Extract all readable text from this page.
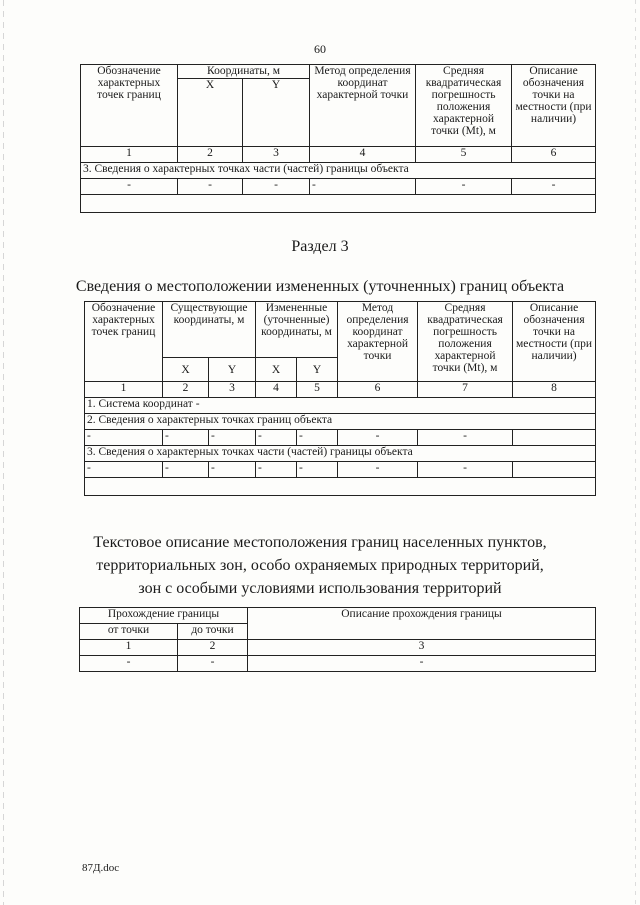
60
Обозначение характерных точек границ	Координаты, м		Метод определения координат характерной точки	Средняя квадратическая погрешность положения характерной точки (Mt), м	Описание обозначения точки на местности (при наличии)
	X	Y			
1	2	3	4	5	6
3. Сведения о характерных точках части (частей) границы объекта					
-	-	-	-	-	-

Раздел 3
Сведения о местоположении измененных (уточненных) границ объекта
Обозначение характерных точек границ	Существующие координаты, м		Измененные (уточненные) координаты, м		Метод определения координат характерной точки	Средняя квадратическая погрешность положения характерной точки (Mt), м	Описание обозначения точки на местности (при наличии)
	X	Y	X	Y			
1	2	3	4	5	6	7	8
1. Система координат -							
2. Сведения о характерных точках границ объекта							
-	-	-	-	-	-	-	
3. Сведения о характерных точках части (частей) границы объекта							
-	-	-	-	-	-	-	

Текстовое описание местоположения границ населенных пунктов, территориальных зон, особо охраняемых природных территорий, зон с особыми условиями использования территорий
Прохождение границы		Описание прохождения границы
от точки	до точки	
1	2	3
-	-	-
87Д.doc
